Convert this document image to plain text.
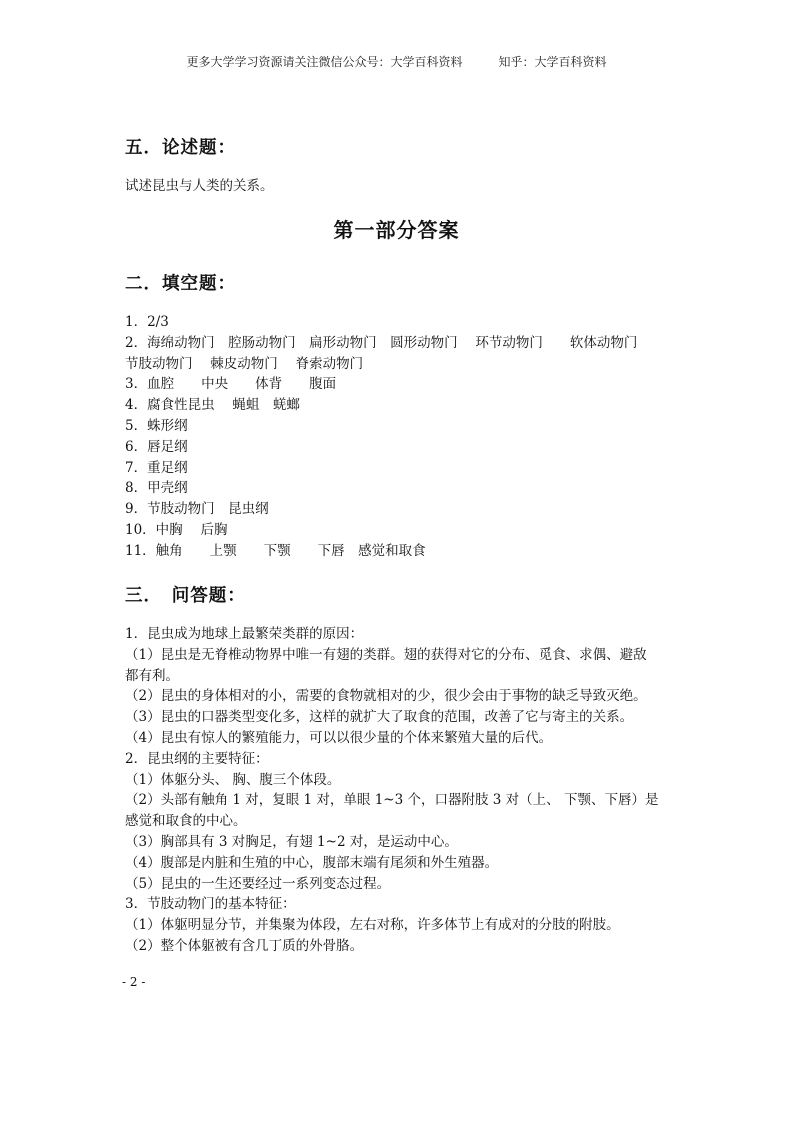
更多大学学习资源请关注微信公众号：大学百科资料	知乎：大学百科资料
五．论述题：
试述昆虫与人类的关系。
第一部分答案
二．填空题：
1．2/3
2．海绵动物门　腔肠动物门　扁形动物门　圆形动物门　 环节动物门　　软体动物门
节肢动物门　 棘皮动物门　 脊索动物门
3．血腔　　中央　　体背　　腹面
4．腐食性昆虫　 蝇蛆　蜣螂
5．蛛形纲
6．唇足纲
7．重足纲
8．甲壳纲
9．节肢动物门　昆虫纲
10．中胸　 后胸
11．触角　　上颚　　下颚　　下唇　感觉和取食
三．　问答题：
1．昆虫成为地球上最繁荣类群的原因：
（1）昆虫是无脊椎动物界中唯一有翅的类群。翅的获得对它的分布、觅食、求偶、避敌
都有利。
（2）昆虫的身体相对的小，需要的食物就相对的少，很少会由于事物的缺乏导致灭绝。
（3）昆虫的口器类型变化多，这样的就扩大了取食的范围，改善了它与寄主的关系。
（4）昆虫有惊人的繁殖能力，可以以很少量的个体来繁殖大量的后代。
2．昆虫纲的主要特征：
（1）体躯分头、 胸、腹三个体段。
（2）头部有触角 1 对，复眼 1 对，单眼 1~3 个，口器附肢 3 对（上、 下颚、下唇）是
感觉和取食的中心。
（3）胸部具有 3 对胸足，有翅 1~2 对，是运动中心。
（4）腹部是内脏和生殖的中心，腹部末端有尾须和外生殖器。
（5）昆虫的一生还要经过一系列变态过程。
3．节肢动物门的基本特征：
（1）体躯明显分节，并集聚为体段，左右对称，许多体节上有成对的分肢的附肢。
（2）整个体躯被有含几丁质的外骨胳。
- 2 -
